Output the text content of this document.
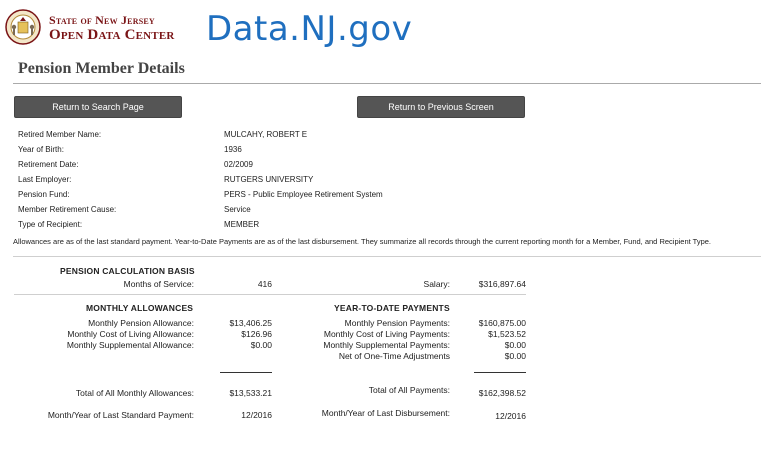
State of New Jersey
Open Data Center Data.NJ.gov
Pension Member Details
Return to Search Page	Return to Previous Screen
Retired Member Name:	MULCAHY, ROBERT E
Year of Birth:	1936
Retirement Date:	02/2009
Last Employer:	RUTGERS UNIVERSITY
Pension Fund:	PERS - Public Employee Retirement System
Member Retirement Cause:	Service
Type of Recipient:	MEMBER
Allowances are as of the last standard payment. Year-to-Date Payments are as of the last disbursement. They summarize all records through the current reporting month for a Member, Fund, and Recipient Type.
PENSION CALCULATION BASIS
Months of Service:	416	Salary:	$316,897.64
MONTHLY ALLOWANCES
Monthly Pension Allowance:	$13,406.25
Monthly Cost of Living Allowance:	$126.96
Monthly Supplemental Allowance:	$0.00
Total of All Monthly Allowances:	$13,533.21
Month/Year of Last Standard Payment:	12/2016
YEAR-TO-DATE PAYMENTS
Monthly Pension Payments:	$160,875.00
Monthly Cost of Living Payments:	$1,523.52
Monthly Supplemental Payments:	$0.00
Net of One-Time Adjustments	$0.00
Total of All Payments:	$162,398.52
Month/Year of Last Disbursement:	12/2016
